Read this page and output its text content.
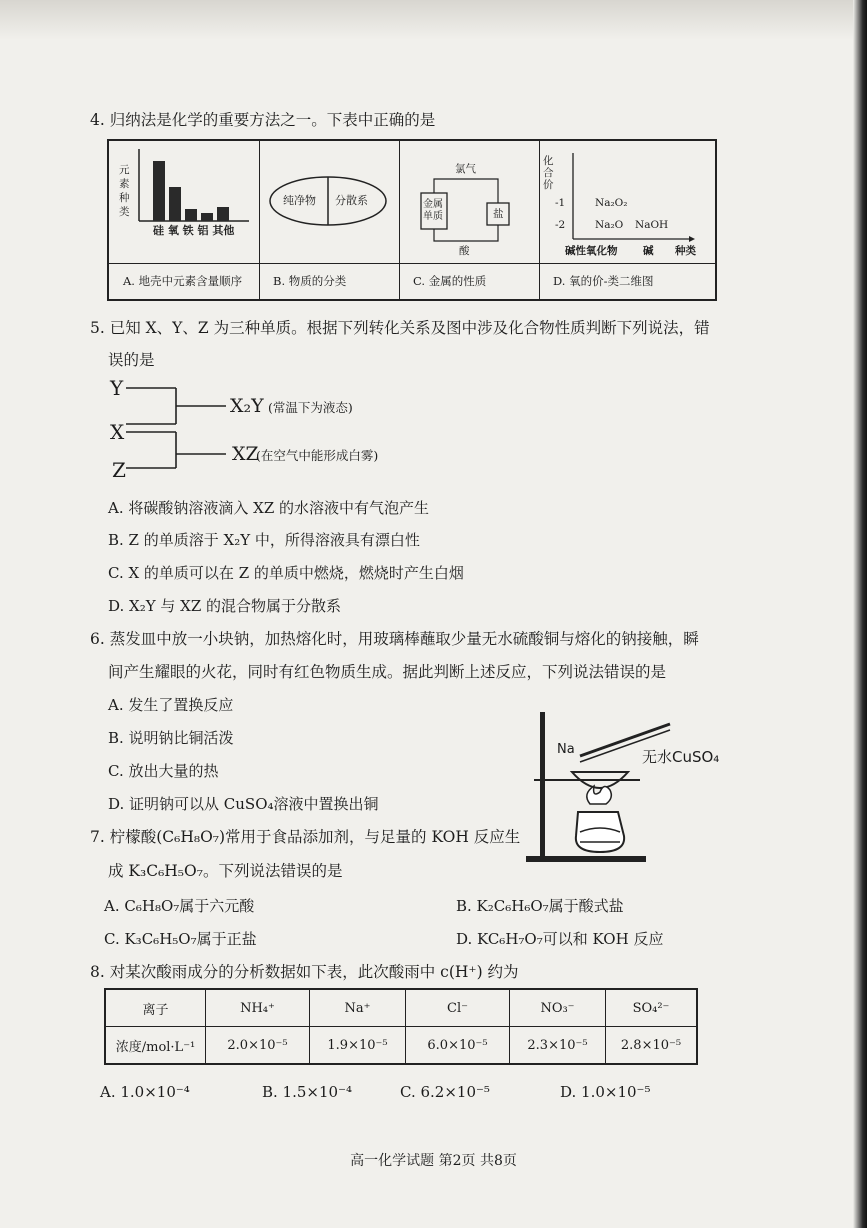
4. 归纳法是化学的重要方法之一。下表中正确的是
元
素
种
类
硅 氧 铁 铝 其他
纯净物 分散系
氯气
金属单质	盐
酸
化
合
价
-1
-2
Na₂O₂
Na₂O NaOH
碱性氧化物 碱 种类
A. 地壳中元素含量顺序	B. 物质的分类	C. 金属的性质	D. 氧的价-类二维图
5. 已知 X、Y、Z 为三种单质。根据下列转化关系及图中涉及化合物性质判断下列说法，错
误的是
Y
X
Z
X₂Y (常温下为液态)
XZ
(在空气中能形成白雾)
A. 将碳酸钠溶液滴入 XZ 的水溶液中有气泡产生
B. Z 的单质溶于 X₂Y 中，所得溶液具有漂白性
C. X 的单质可以在 Z 的单质中燃烧，燃烧时产生白烟
D. X₂Y 与 XZ 的混合物属于分散系
6. 蒸发皿中放一小块钠，加热熔化时，用玻璃棒蘸取少量无水硫酸铜与熔化的钠接触，瞬
间产生耀眼的火花，同时有红色物质生成。据此判断上述反应，下列说法错误的是
A. 发生了置换反应
B. 说明钠比铜活泼
C. 放出大量的热
D. 证明钠可以从 CuSO₄溶液中置换出铜
Na	无水CuSO₄
7. 柠檬酸(C₆H₈O₇)常用于食品添加剂，与足量的 KOH 反应生
成 K₃C₆H₅O₇。下列说法错误的是
A. C₆H₈O₇属于六元酸	B. K₂C₆H₆O₇属于酸式盐
C. K₃C₆H₅O₇属于正盐	D. KC₆H₇O₇可以和 KOH 反应
8. 对某次酸雨成分的分析数据如下表，此次酸雨中 c(H⁺) 约为
离子	NH₄⁺	Na⁺	Cl⁻	NO₃⁻	SO₄²⁻
浓度/mol·L⁻¹	2.0×10⁻⁵	1.9×10⁻⁵	6.0×10⁻⁵	2.3×10⁻⁵	2.8×10⁻⁵
A. 1.0×10⁻⁴	B. 1.5×10⁻⁴	C. 6.2×10⁻⁵	D. 1.0×10⁻⁵
高一化学试题 第2页 共8页
